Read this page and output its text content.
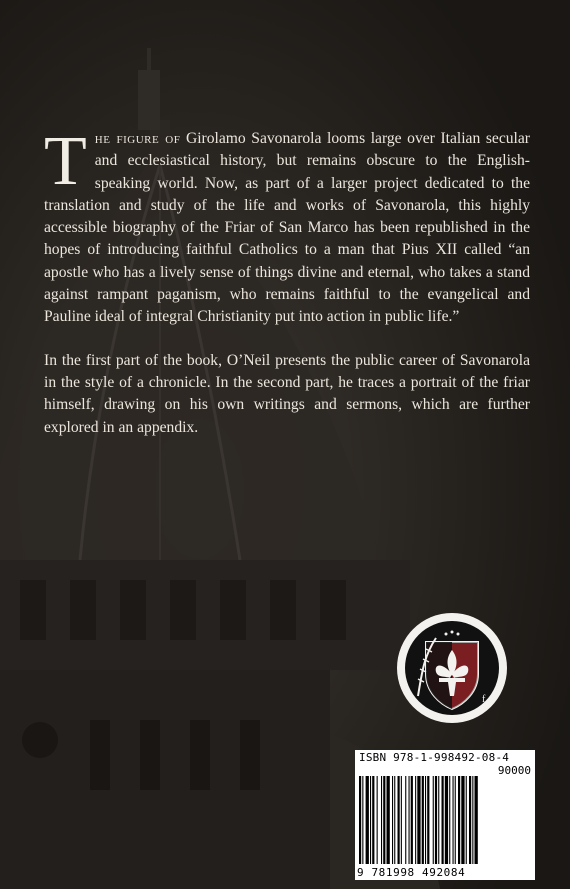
The figure of Girolamo Savonarola looms large over Italian secular and ecclesiastical history, but remains obscure to the English-speaking world. Now, as part of a larger project dedicated to the translation and study of the life and works of Savonarola, this highly accessible biography of the Friar of San Marco has been republished in the hopes of introducing faithful Catholics to a man that Pius XII called “an apostle who has a lively sense of things divine and eternal, who takes a stand against rampant paganism, who remains faithful to the evangelical and Pauline ideal of integral Christianity put into action in public life.”

In the first part of the book, O’Neil presents the public career of Savonarola in the style of a chronicle. In the second part, he traces a portrait of the friar himself, drawing on his own writings and sermons, which are further explored in an appendix.

f
ISBN 978-1-998492-08-4
90000
9 781998 492084
